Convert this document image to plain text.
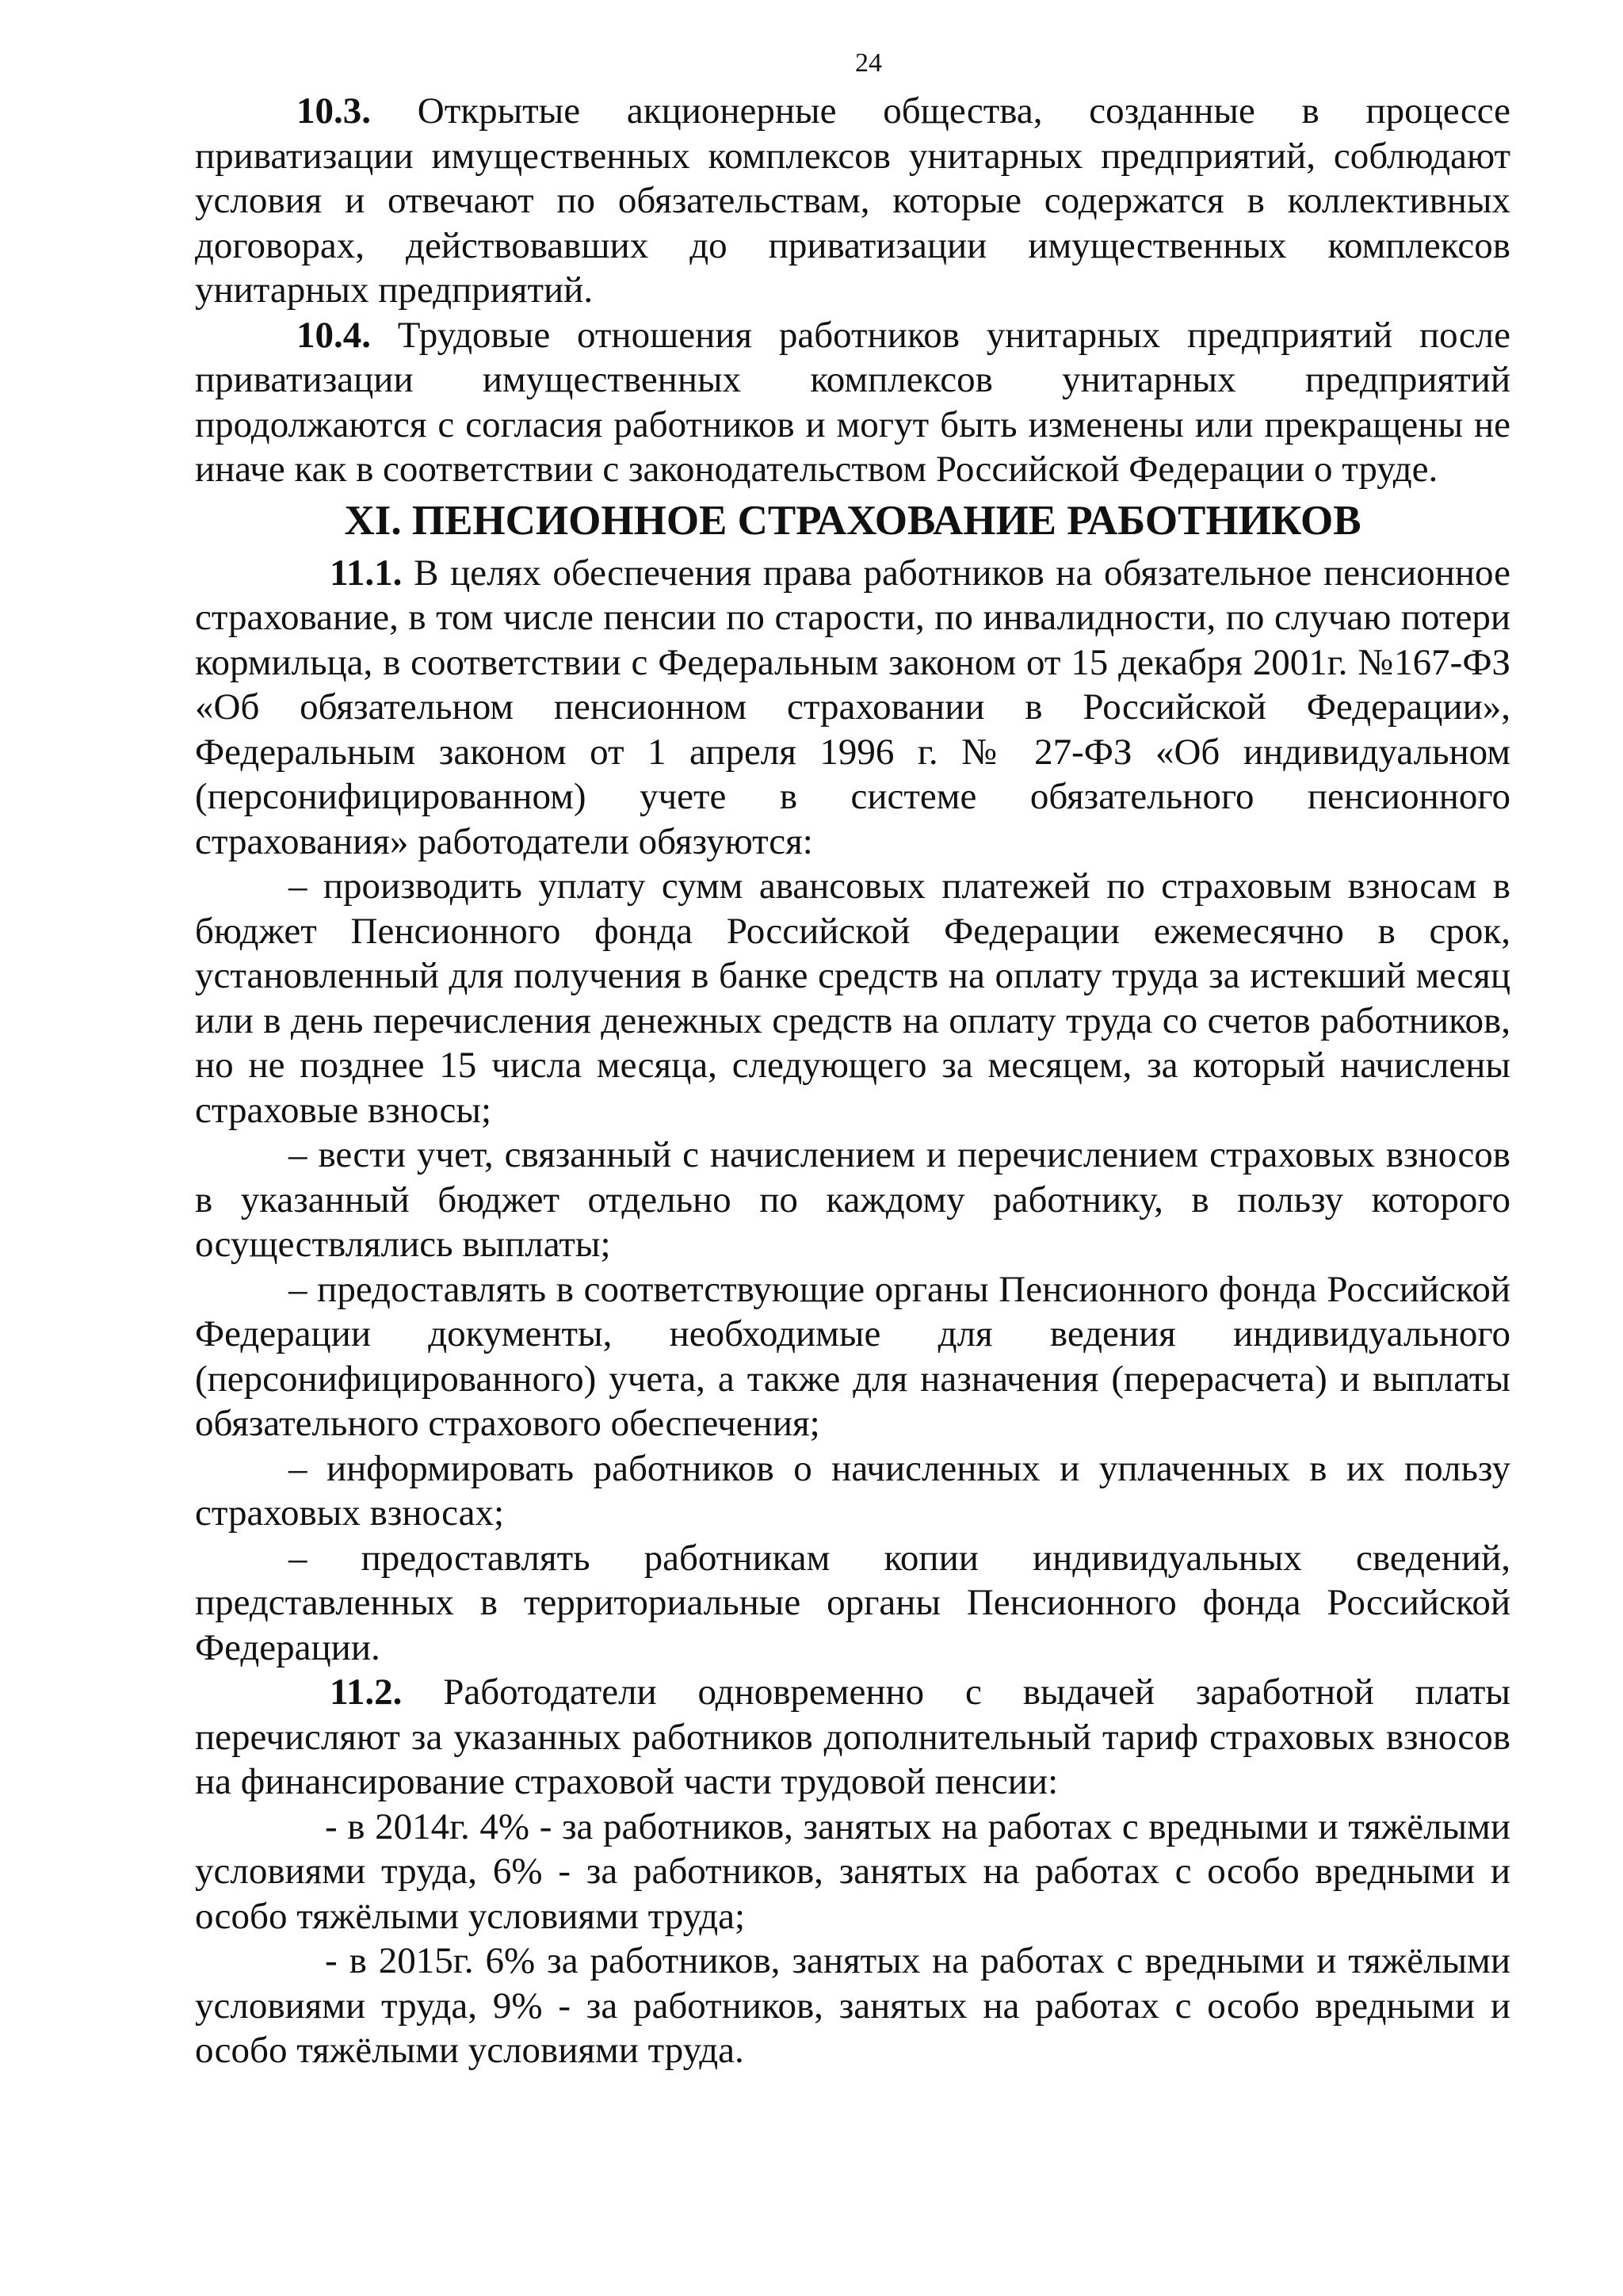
24

10.3. Открытые акционерные общества, созданные в процессе приватизации имущественных комплексов унитарных предприятий, соблюдают условия и отвечают по обязательствам, которые содержатся в коллективных договорах, действовавших до приватизации имущественных комплексов унитарных предприятий.

10.4. Трудовые отношения работников унитарных предприятий после приватизации имущественных комплексов унитарных предприятий продолжаются с согласия работников и могут быть изменены или прекращены не иначе как в соответствии с законодательством Российской Федерации о труде.

XI. ПЕНСИОННОЕ СТРАХОВАНИЕ РАБОТНИКОВ

11.1. В целях обеспечения права работников на обязательное пенсионное страхование, в том числе пенсии по старости, по инвалидности, по случаю потери кормильца, в соответствии с Федеральным законом от 15 декабря 2001г. №167-ФЗ «Об обязательном пенсионном страховании в Российской Федерации», Федеральным законом от 1 апреля 1996 г. № 27-ФЗ «Об индивидуальном (персонифицированном) учете в системе обязательного пенсионного страхования» работодатели обязуются:

– производить уплату сумм авансовых платежей по страховым взносам в бюджет Пенсионного фонда Российской Федерации ежемесячно в срок, установленный для получения в банке средств на оплату труда за истекший месяц или в день перечисления денежных средств на оплату труда со счетов работников, но не позднее 15 числа месяца, следующего за месяцем, за который начислены страховые взносы;

– вести учет, связанный с начислением и перечислением страховых взносов в указанный бюджет отдельно по каждому работнику, в пользу которого осуществлялись выплаты;

– предоставлять в соответствующие органы Пенсионного фонда Российской Федерации документы, необходимые для ведения индивидуального (персонифицированного) учета, а также для назначения (перерасчета) и выплаты обязательного страхового обеспечения;

– информировать работников о начисленных и уплаченных в их пользу страховых взносах;

– предоставлять работникам копии индивидуальных сведений, представленных в территориальные органы Пенсионного фонда Российской Федерации.

11.2. Работодатели одновременно с выдачей заработной платы перечисляют за указанных работников дополнительный тариф страховых взносов на финансирование страховой части трудовой пенсии:

- в 2014г. 4% - за работников, занятых на работах с вредными и тяжёлыми условиями труда, 6% - за работников, занятых на работах с особо вредными и особо тяжёлыми условиями труда;

- в 2015г. 6% за работников, занятых на работах с вредными и тяжёлыми условиями труда, 9% - за работников, занятых на работах с особо вредными и особо тяжёлыми условиями труда.
